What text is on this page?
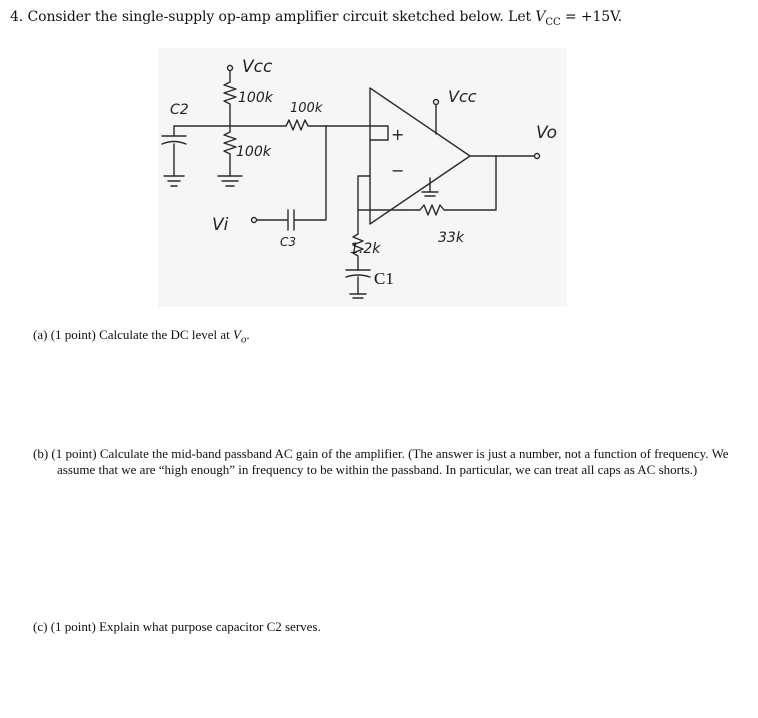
4. Consider the single-supply op-amp amplifier circuit sketched below. Let $V_{CC} = +15V$.
Vcc
100k
100k
C2	100k
+
−
Vi
C3	33k
Vo
Vcc
1.2k
C1
(a) (1 point) Calculate the DC level at $V_o$.
(b) (1 point) Calculate the mid-band passband AC gain of the amplifier. (The answer is just a number, not a function of frequency. We assume that we are “high enough” in frequency to be within the passband. In particular, we can treat all caps as AC shorts.)
(c) (1 point) Explain what purpose capacitor C2 serves.
